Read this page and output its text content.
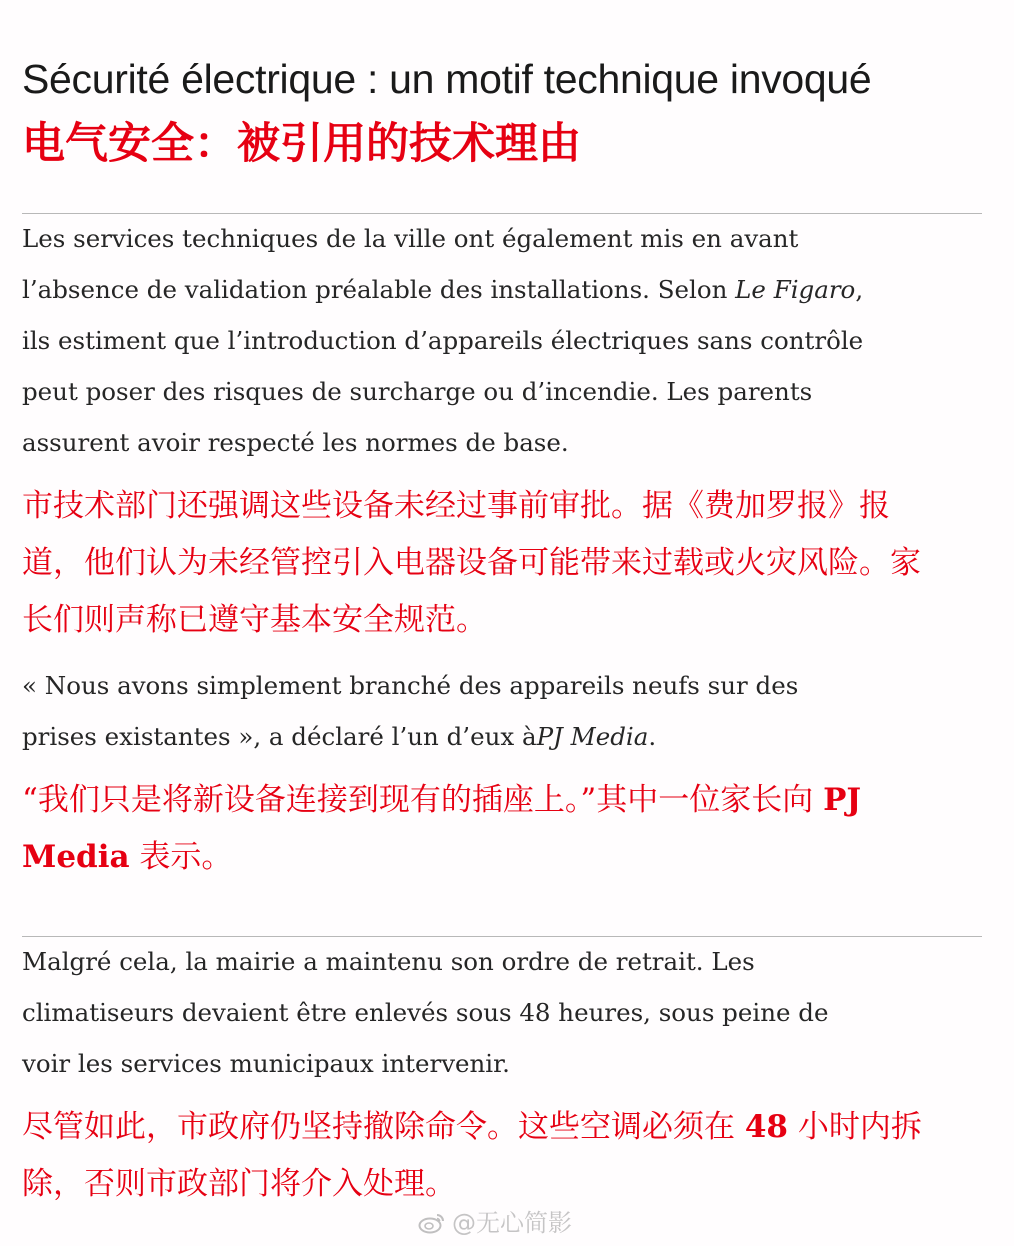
Sécurité électrique : un motif technique invoqué
电气安全：被引用的技术理由
Les services techniques de la ville ont également mis en avant
l’absence de validation préalable des installations. Selon Le Figaro,
ils estiment que l’introduction d’appareils électriques sans contrôle
peut poser des risques de surcharge ou d’incendie. Les parents
assurent avoir respecté les normes de base.
市技术部门还强调这些设备未经过事前审批。据《费加罗报》报
道，他们认为未经管控引入电器设备可能带来过载或火灾风险。家
长们则声称已遵守基本安全规范。
« Nous avons simplement branché des appareils neufs sur des
prises existantes », a déclaré l’un d’eux àPJ Media.
“我们只是将新设备连接到现有的插座上。”其中一位家长向 PJ
Media 表示。
Malgré cela, la mairie a maintenu son ordre de retrait. Les
climatiseurs devaient être enlevés sous 48 heures, sous peine de
voir les services municipaux intervenir.
尽管如此，市政府仍坚持撤除命令。这些空调必须在 48 小时内拆
除，否则市政部门将介入处理。
@无心简影
